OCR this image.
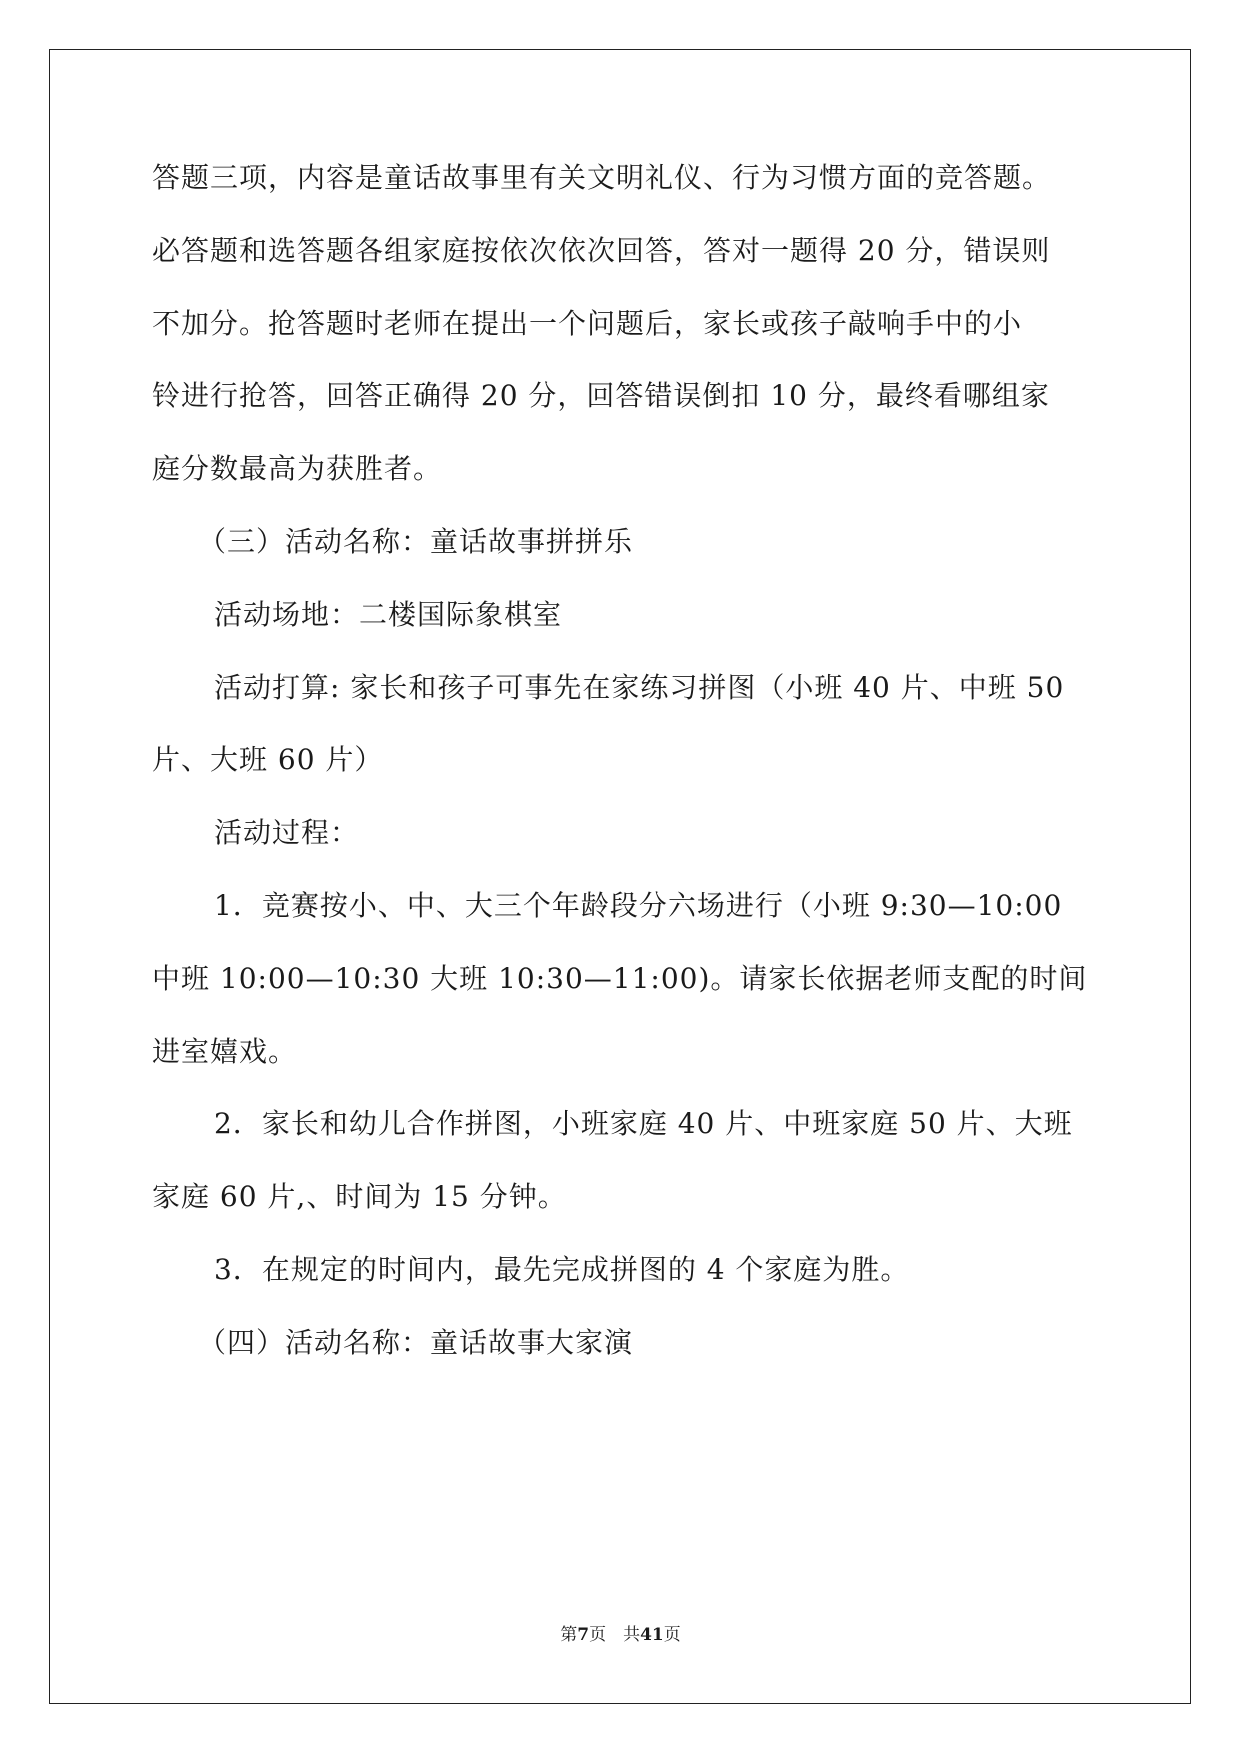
答题三项，内容是童话故事里有关文明礼仪、行为习惯方面的竞答题。
必答题和选答题各组家庭按依次依次回答，答对一题得 20 分，错误则
不加分。抢答题时老师在提出一个问题后，家长或孩子敲响手中的小
铃进行抢答，回答正确得 20 分，回答错误倒扣 10 分，最终看哪组家
庭分数最高为获胜者。
（三）活动名称：童话故事拼拼乐
活动场地：二楼国际象棋室
活动打算: 家长和孩子可事先在家练习拼图（小班 40 片、中班 50
片、大班 60 片）
活动过程：
1．竞赛按小、中、大三个年龄段分六场进行（小班 9:30—10:00
中班 10:00—10:30 大班 10:30—11:00)。请家长依据老师支配的时间
进室嬉戏。
2．家长和幼儿合作拼图，小班家庭 40 片、中班家庭 50 片、大班
家庭 60 片,、时间为 15 分钟。
3．在规定的时间内，最先完成拼图的 4 个家庭为胜。
（四）活动名称：童话故事大家演
第7页　共41页
